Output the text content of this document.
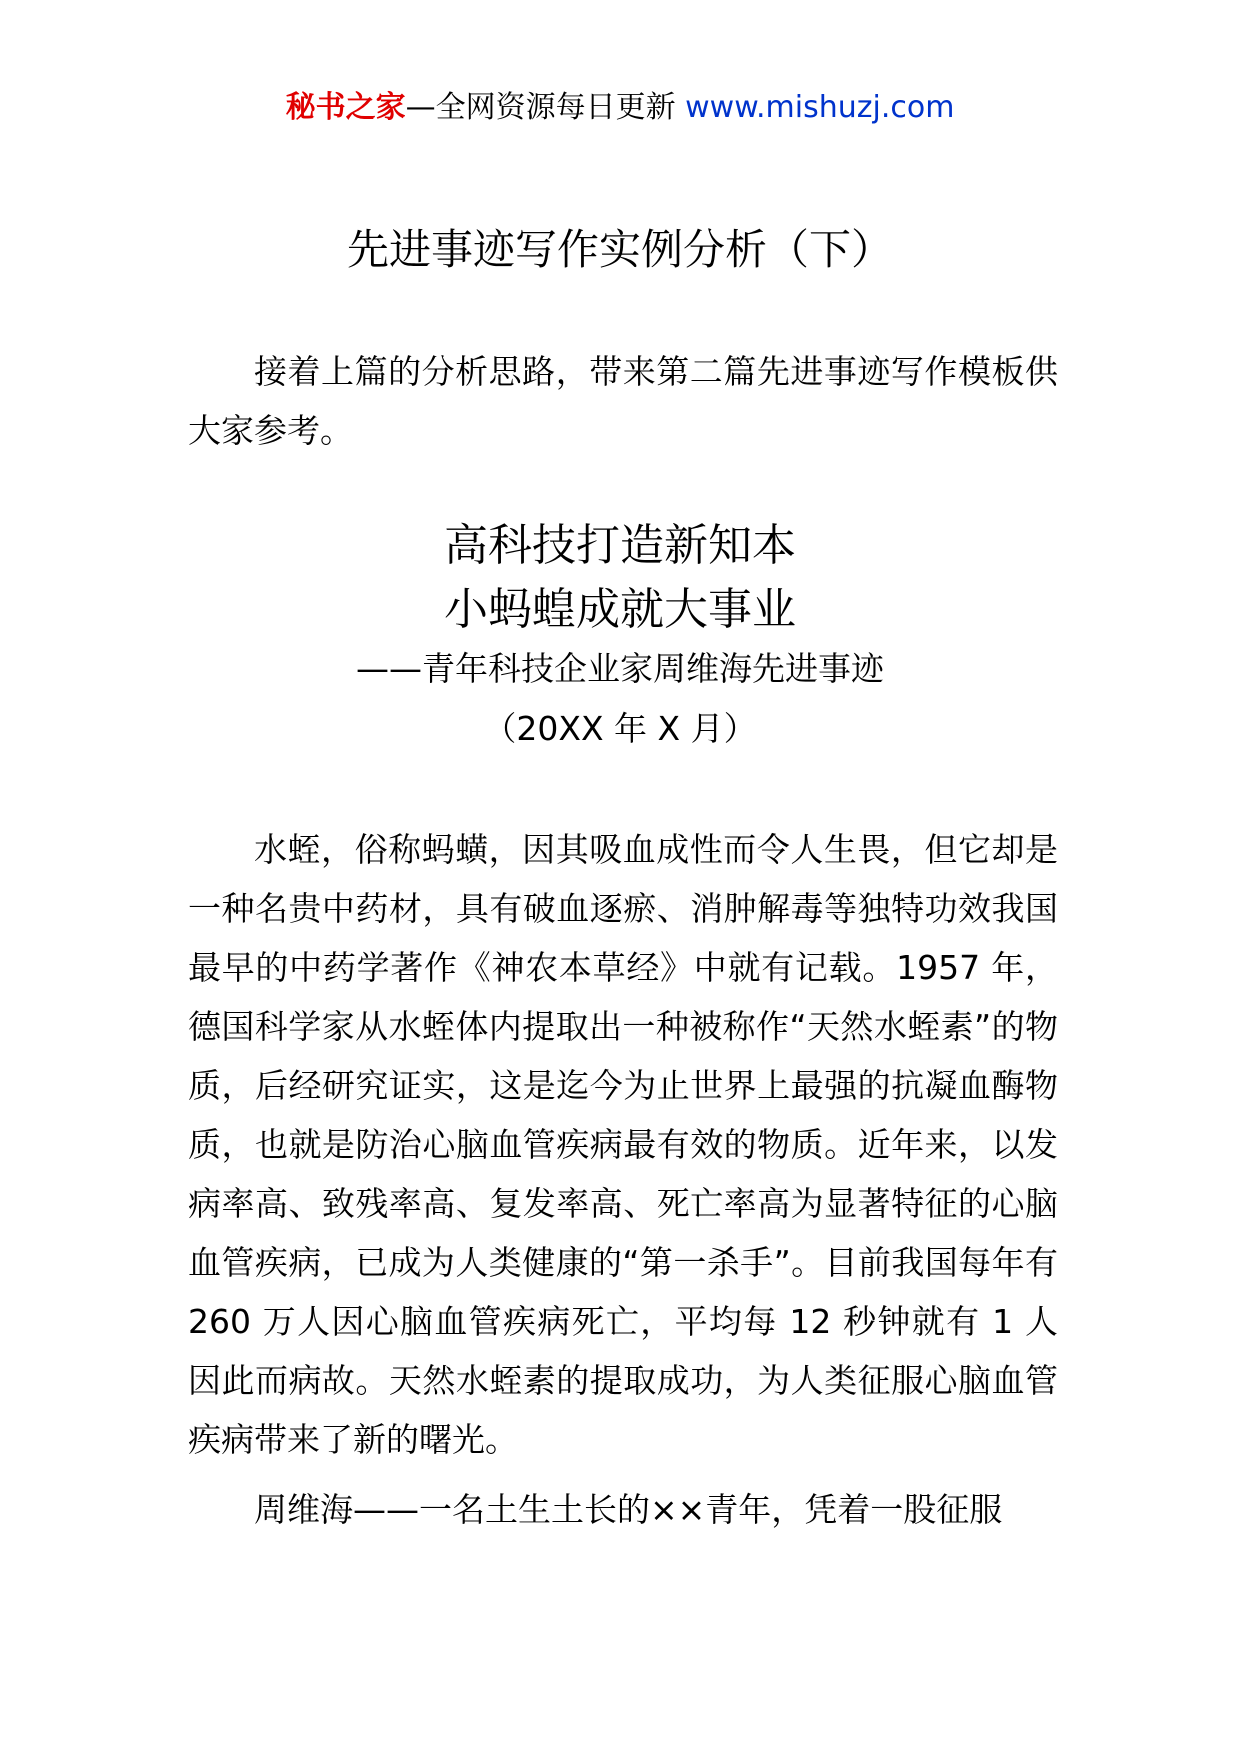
秘书之家—全网资源每日更新 www.mishuzj.com
先进事迹写作实例分析（下）

接着上篇的分析思路，带来第二篇先进事迹写作模板供大家参考。

高科技打造新知本
小蚂蝗成就大事业
——青年科技企业家周维海先进事迹
（20XX 年 X 月）

水蛭，俗称蚂蟥，因其吸血成性而令人生畏，但它却是一种名贵中药材，具有破血逐瘀、消肿解毒等独特功效我国最早的中药学著作《神农本草经》中就有记载。1957 年，德国科学家从水蛭体内提取出一种被称作“天然水蛭素”的物质，后经研究证实，这是迄今为止世界上最强的抗凝血酶物质，也就是防治心脑血管疾病最有效的物质。近年来，以发病率高、致残率高、复发率高、死亡率高为显著特征的心脑血管疾病，已成为人类健康的“第一杀手”。目前我国每年有 260 万人因心脑血管疾病死亡，平均每 12 秒钟就有 1 人因此而病故。天然水蛭素的提取成功，为人类征服心脑血管疾病带来了新的曙光。

周维海——一名土生土长的××青年，凭着一股征服
